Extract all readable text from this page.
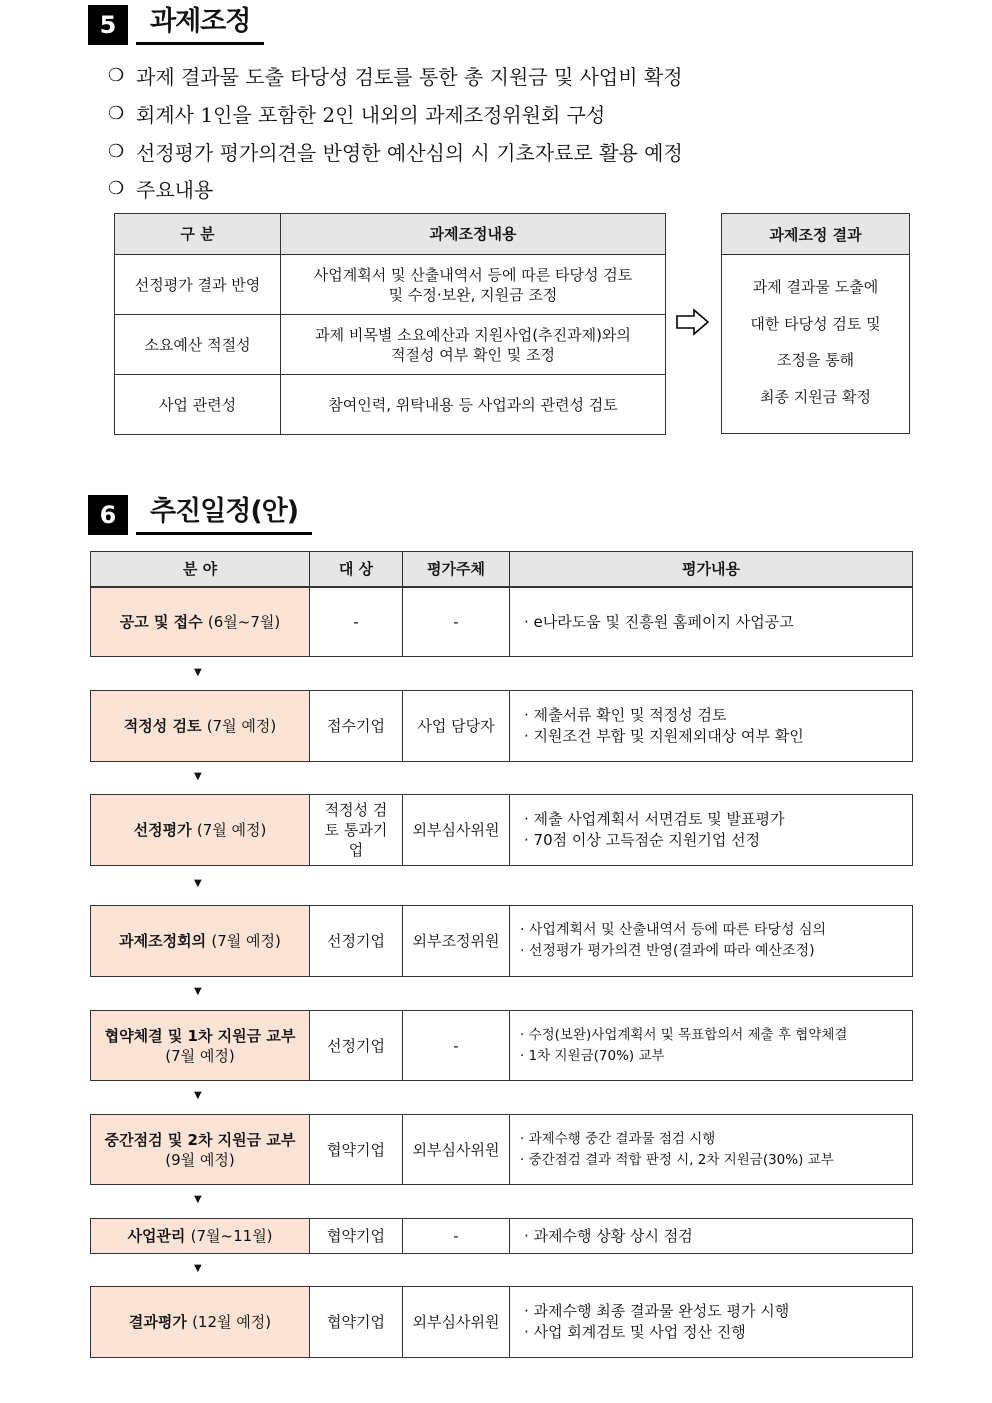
5	과제조정
❍ 과제 결과물 도출 타당성 검토를 통한 총 지원금 및 사업비 확정
❍ 회계사 1인을 포함한 2인 내외의 과제조정위원회 구성
❍ 선정평가 평가의견을 반영한 예산심의 시 기초자료로 활용 예정
❍ 주요내용
구 분	과제조정내용
선정평가 결과 반영	사업계획서 및 산출내역서 등에 따른 타당성 검토
및 수정·보완, 지원금 조정

소요예산 적절성	과제 비목별 소요예산과 지원사업(추진과제)와의
적절성 여부 확인 및 조정

사업 관련성	참여인력, 위탁내용 등 사업과의 관련성 검토
과제조정 결과
과제 결과물 도출에
대한 타당성 검토 및
조정을 통해
최종 지원금 확정
6	추진일정(안)
분 야	대 상	평가주체	평가내용
공고 및 접수 (6월~7월)	-	-	· e나라도움 및 진흥원 홈페이지 사업공고
▼
적정성 검토 (7월 예정)	접수기업	사업 담당자	
· 제출서류 확인 및 적정성 검토
· 지원조건 부합 및 지원제외대상 여부 확인
▼
선정평가 (7월 예정)	적정성 검토 통과기업	외부심사위원	
· 제출 사업계획서 서면검토 및 발표평가
· 70점 이상 고득점순 지원기업 선정
▼
과제조정회의 (7월 예정)	선정기업	외부조정위원	
· 사업계획서 및 산출내역서 등에 따른 타당성 심의
· 선정평가 평가의견 반영(결과에 따라 예산조정)
▼
협약체결 및 1차 지원금 교부
(7월 예정)
	선정기업	-	
· 수정(보완)사업계획서 및 목표합의서 제출 후 협약체결
· 1차 지원금(70%) 교부
▼
중간점검 및 2차 지원금 교부
(9월 예정)
	협약기업	외부심사위원	
· 과제수행 중간 결과물 점검 시행
· 중간점검 결과 적합 판정 시, 2차 지원금(30%) 교부
▼
사업관리 (7월~11월)	협약기업	-	· 과제수행 상황 상시 점검
▼
결과평가 (12월 예정)	협약기업	외부심사위원	
· 과제수행 최종 결과물 완성도 평가 시행
· 사업 회계검토 및 사업 정산 진행
